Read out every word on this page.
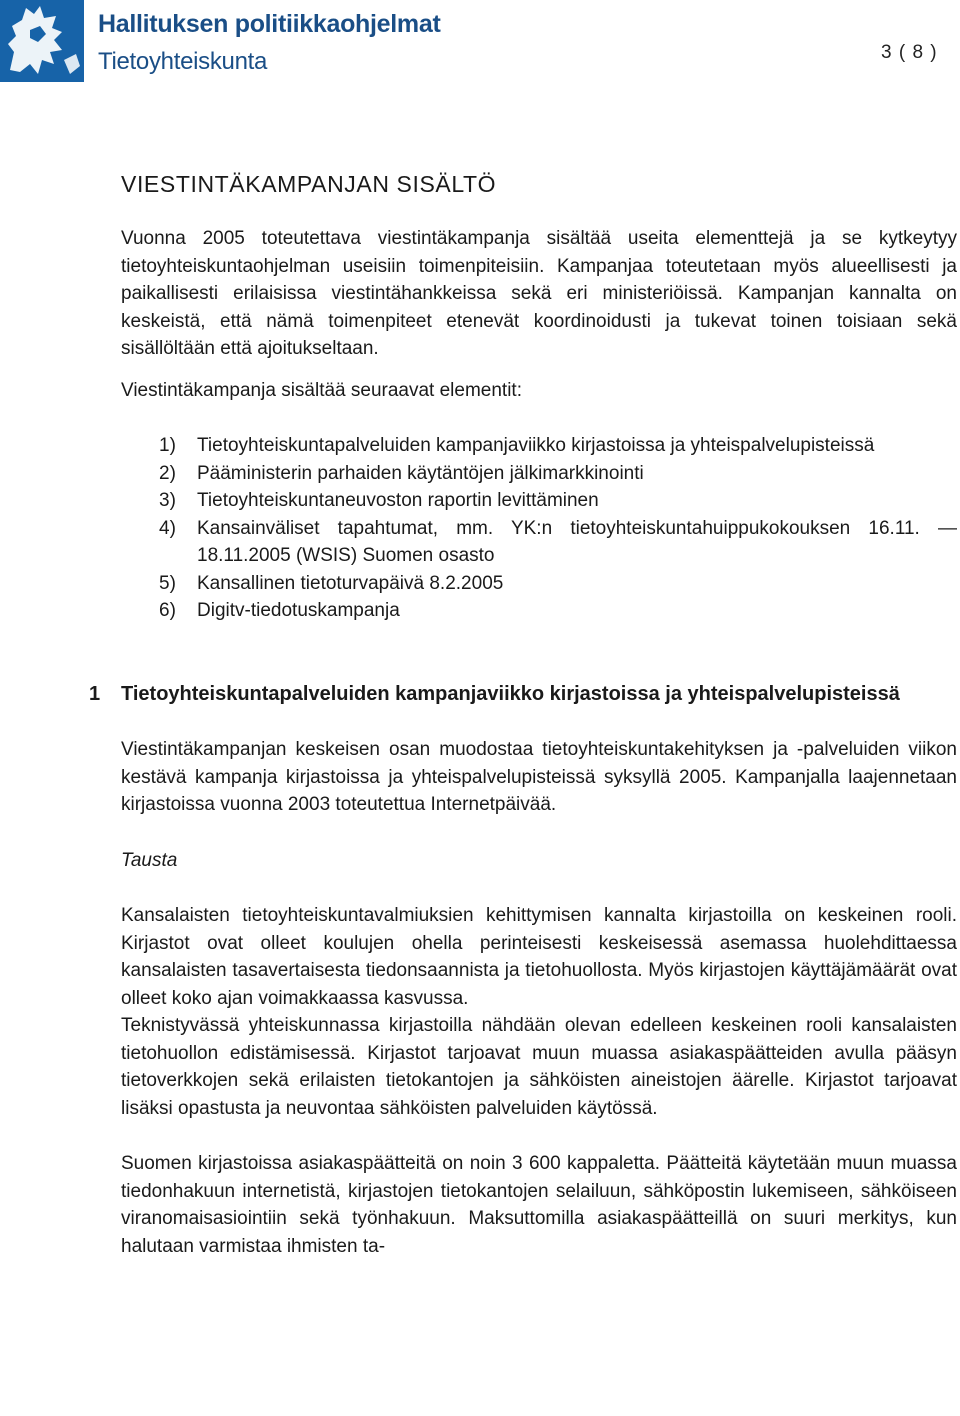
Hallituksen politiikkaohjelmat
Tietoyhteiskunta	3 ( 8 )
VIESTINTÄKAMPANJAN SISÄLTÖ

Vuonna 2005 toteutettava viestintäkampanja sisältää useita elementtejä ja se kytkeytyy tietoyhteiskuntaohjelman useisiin toimenpiteisiin. Kampanjaa toteutetaan myös alueellisesti ja paikallisesti erilaisissa viestintähankkeissa sekä eri ministeriöissä. Kampanjan kannalta on keskeistä, että nämä toimenpiteet etenevät koordinoidusti ja tukevat toinen toisiaan sekä sisällöltään että ajoitukseltaan.

Viestintäkampanja sisältää seuraavat elementit:

Tietoyhteiskuntapalveluiden kampanjaviikko kirjastoissa ja yhteispalvelupisteissä
Pääministerin parhaiden käytäntöjen jälkimarkkinointi
Tietoyhteiskuntaneuvoston raportin levittäminen
Kansainväliset tapahtumat, mm. YK:n tietoyhteiskuntahuippukokouksen 16.11. — 18.11.2005 (WSIS) Suomen osasto
Kansallinen tietoturvapäivä 8.2.2005
Digitv-tiedotuskampanja
1 Tietoyhteiskuntapalveluiden kampanjaviikko kirjastoissa ja yhteispalvelupisteissä

Viestintäkampanjan keskeisen osan muodostaa tietoyhteiskuntakehityksen ja -palveluiden viikon kestävä kampanja kirjastoissa ja yhteispalvelupisteissä syksyllä 2005. Kampanjalla laajennetaan kirjastoissa vuonna 2003 toteutettua Internetpäivää.

Tausta

Kansalaisten tietoyhteiskuntavalmiuksien kehittymisen kannalta kirjastoilla on keskeinen rooli. Kirjastot ovat olleet koulujen ohella perinteisesti keskeisessä asemassa huolehdittaessa kansalaisten tasavertaisesta tiedonsaannista ja tietohuollosta. Myös kirjastojen käyttäjämäärät ovat olleet koko ajan voimakkaassa kasvussa.

Teknistyvässä yhteiskunnassa kirjastoilla nähdään olevan edelleen keskeinen rooli kansalaisten tietohuollon edistämisessä. Kirjastot tarjoavat muun muassa asiakaspäätteiden avulla pääsyn tietoverkkojen sekä erilaisten tietokantojen ja sähköisten aineistojen äärelle. Kirjastot tarjoavat lisäksi opastusta ja neuvontaa sähköisten palveluiden käytössä.

Suomen kirjastoissa asiakaspäätteitä on noin 3 600 kappaletta. Päätteitä käytetään muun muassa tiedonhakuun internetistä, kirjastojen tietokantojen selailuun, sähköpostin lukemiseen, sähköiseen viranomaisasiointiin sekä työnhakuun. Maksuttomilla asiakaspäätteillä on suuri merkitys, kun halutaan varmistaa ihmisten ta-
